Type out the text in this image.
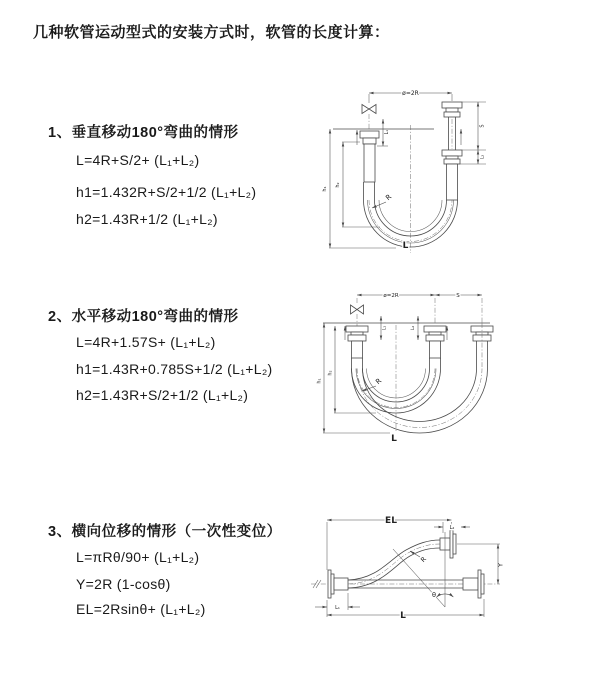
几种软管运动型式的安装方式时，软管的长度计算：
1、垂直移动180°弯曲的情形
L=4R+S/2+ (L₁+L₂)
h1=1.432R+S/2+1/2 (L₁+L₂)
h2=1.43R+1/2 (L₁+L₂)
2、水平移动180°弯曲的情形
L=4R+1.57S+ (L₁+L₂)
h1=1.43R+0.785S+1/2 (L₁+L₂)
h2=1.43R+S/2+1/2 (L₁+L₂)
3、横向位移的情形（一次性变位）
L=πRθ/90+ (L₁+L₂)
Y=2R (1-cosθ)
EL=2Rsinθ+ (L₁+L₂)
ø=2R
L₁
h₁
h₂
R
S
L₂
L
ø=2R	S
L₁	L₂
h₁
h₂
R
L
EL
L₂
θ
R
Y
L
L₁
